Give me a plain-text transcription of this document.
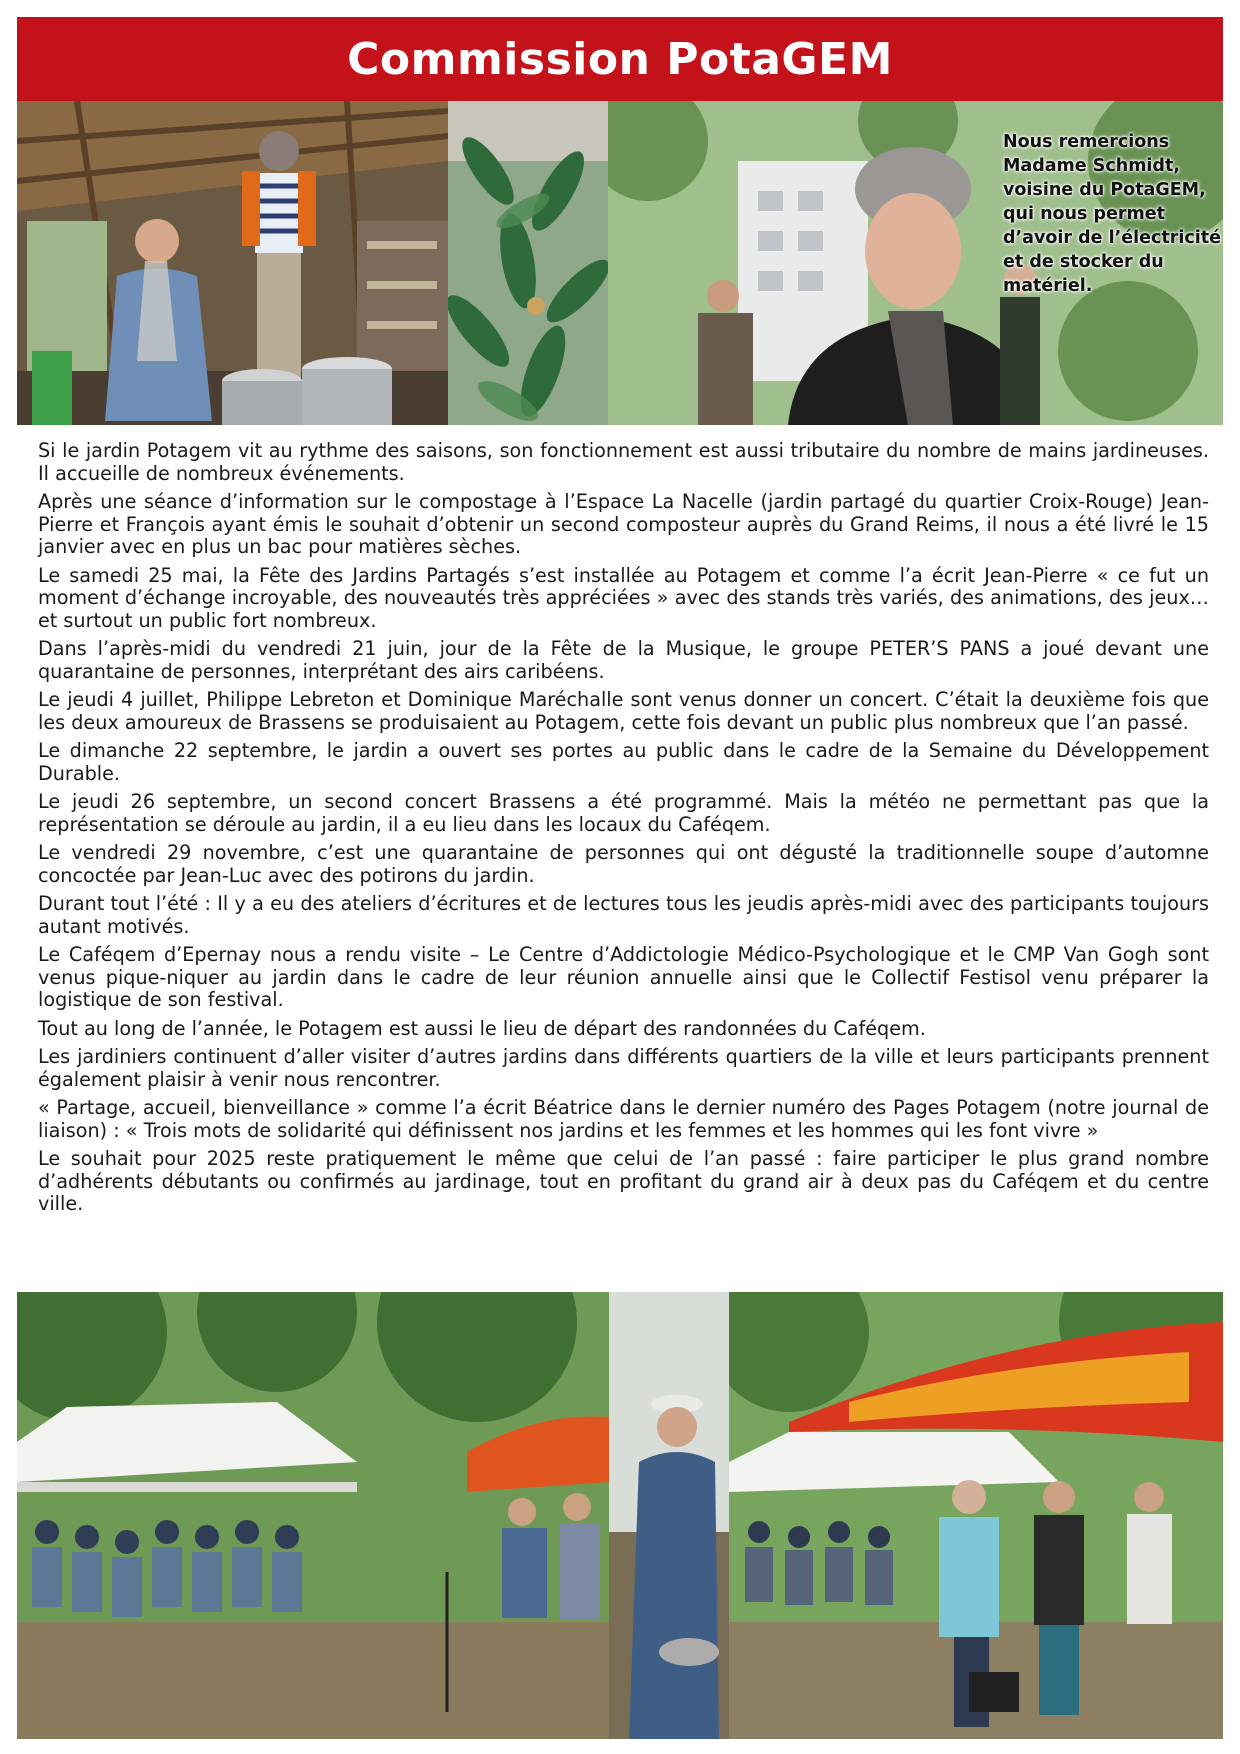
Commission PotaGEM
Nous remercions Madame Schmidt, voisine du PotaGEM, qui nous permet d’avoir de l’électricité et de stocker du matériel.

Si le jardin Potagem vit au rythme des saisons, son fonctionnement est aussi tributaire du nombre de mains jardineuses. Il accueille de nombreux événements.

Après une séance d’information sur le compostage à l’Espace La Nacelle (jardin partagé du quartier Croix-Rouge) Jean-Pierre et François ayant émis le souhait d’obtenir un second composteur auprès du Grand Reims, il nous a été livré le 15 janvier avec en plus un bac pour matières sèches.

Le samedi 25 mai, la Fête des Jardins Partagés s’est installée au Potagem et comme l’a écrit Jean-Pierre « ce fut un moment d’échange incroyable, des nouveautés très appréciées » avec des stands très variés, des animations, des jeux… et surtout un public fort nombreux.

Dans l’après-midi du vendredi 21 juin, jour de la Fête de la Musique, le groupe PETER’S PANS a joué devant une quarantaine de personnes, interprétant des airs caribéens.

Le jeudi 4 juillet, Philippe Lebreton et Dominique Maréchalle sont venus donner un concert. C’était la deuxième fois que les deux amoureux de Brassens se produisaient au Potagem, cette fois devant un public plus nombreux que l’an passé.

Le dimanche 22 septembre, le jardin a ouvert ses portes au public dans le cadre de la Semaine du Développement Durable.

Le jeudi 26 septembre, un second concert Brassens a été programmé. Mais la météo ne permettant pas que la représentation se déroule au jardin, il a eu lieu dans les locaux du Caféqem.

Le vendredi 29 novembre, c’est une quarantaine de personnes qui ont dégusté la traditionnelle soupe d’automne concoctée par Jean-Luc avec des potirons du jardin.

Durant tout l’été : Il y a eu des ateliers d’écritures et de lectures tous les jeudis après-midi avec des participants toujours autant motivés.

Le Caféqem d’Epernay nous a rendu visite – Le Centre d’Addictologie Médico-Psychologique et le CMP Van Gogh sont venus pique-niquer au jardin dans le cadre de leur réunion annuelle ainsi que le Collectif Festisol venu préparer la logistique de son festival.

Tout au long de l’année, le Potagem est aussi le lieu de départ des randonnées du Caféqem.

Les jardiniers continuent d’aller visiter d’autres jardins dans différents quartiers de la ville et leurs participants prennent également plaisir à venir nous rencontrer.

« Partage, accueil, bienveillance » comme l’a écrit Béatrice dans le dernier numéro des Pages Potagem (notre journal de liaison) : « Trois mots de solidarité qui définissent nos jardins et les femmes et les hommes qui les font vivre »

Le souhait pour 2025 reste pratiquement le même que celui de l’an passé : faire participer le plus grand nombre d’adhérents débutants ou confirmés au jardinage, tout en profitant du grand air à deux pas du Caféqem et du centre ville.
